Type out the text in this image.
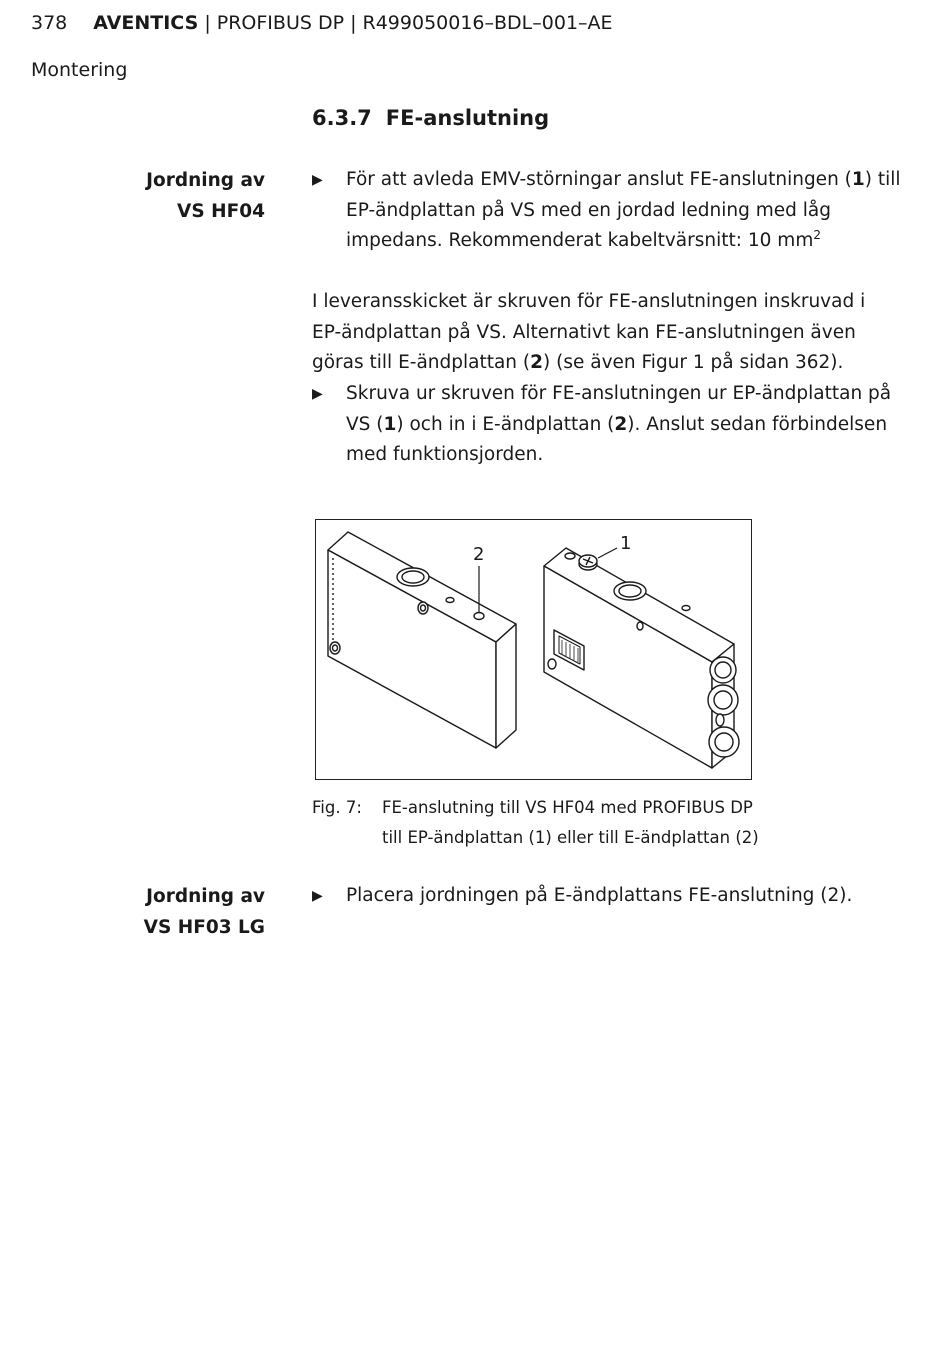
378 AVENTICS | PROFIBUS DP | R499050016–BDL–001–AE
Montering
6.3.7 FE-anslutning
Jordning av
VS HF04
▶ För att avleda EMV-störningar anslut FE-anslutningen (1) till
EP-ändplattan på VS med en jordad ledning med låg
impedans. Rekommenderat kabeltvärsnitt: 10 $mm^2$
I leveransskicket är skruven för FE-anslutningen inskruvad i
EP-ändplattan på VS. Alternativt kan FE-anslutningen även
göras till E-ändplattan (2) (se även Figur 1 på sidan 362).
▶ Skruva ur skruven för FE-anslutningen ur EP-ändplattan på
VS (1) och in i E-ändplattan (2). Anslut sedan förbindelsen
med funktionsjorden.
2
1
Fig. 7: FE-anslutning till VS HF04 med PROFIBUS DP
till EP-ändplattan (1) eller till E-ändplattan (2)
Jordning av
VS HF03 LG
▶ Placera jordningen på E-ändplattans FE-anslutning (2).
